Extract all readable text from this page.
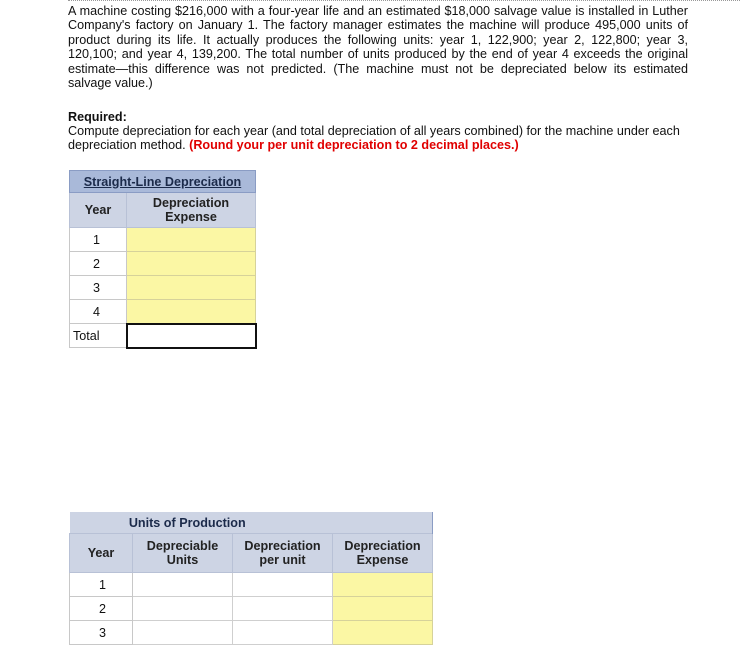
A machine costing $216,000 with a four-year life and an estimated $18,000 salvage value is installed in Luther Company's factory on January 1. The factory manager estimates the machine will produce 495,000 units of product during its life. It actually produces the following units: year 1, 122,900; year 2, 122,800; year 3, 120,100; and year 4, 139,200. The total number of units produced by the end of year 4 exceeds the original estimate—this difference was not predicted. (The machine must not be depreciated below its estimated salvage value.)

Required:

Compute depreciation for each year (and total depreciation of all years combined) for the machine under each depreciation method. (Round your per unit depreciation to 2 decimal places.)

Straight-Line Depreciation	
Year	Depreciation Expense
1	
2	
3	
4	
Total	
	Units of Production		
Year	Depreciable Units	Depreciation per unit	Depreciation Expense
1			
2			
3			
